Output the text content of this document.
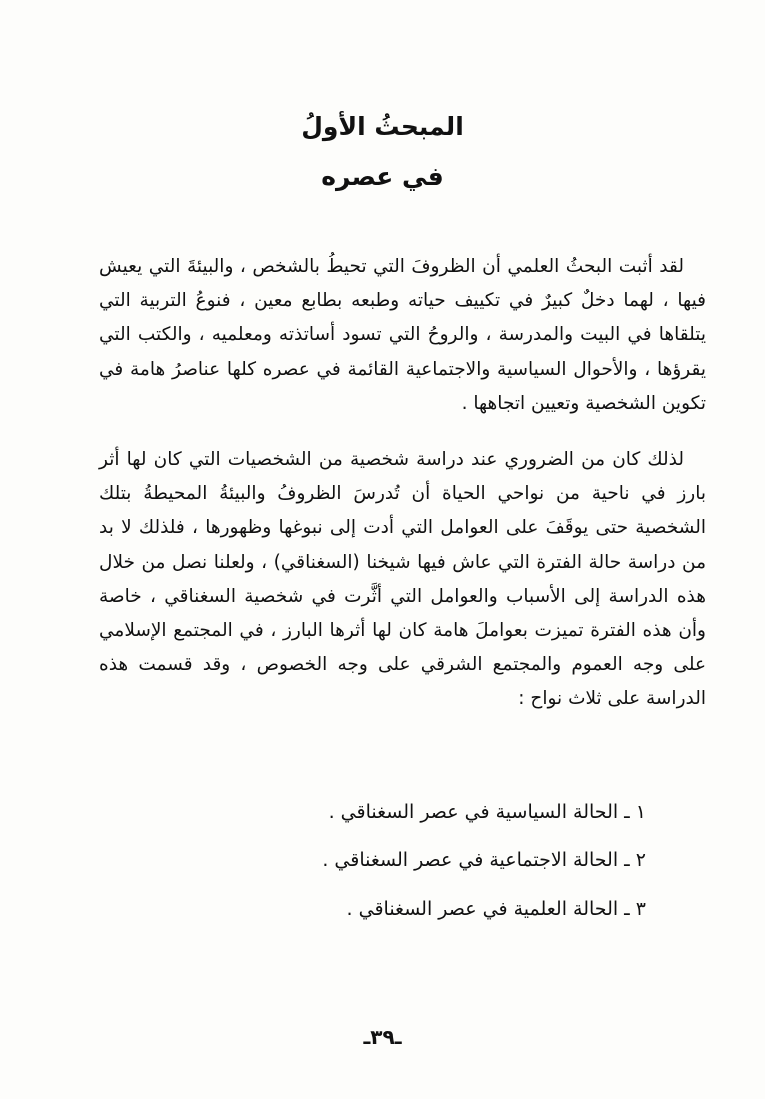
المبحثُ الأولُ
في عصره

لقد أثبت البحثُ العلمي أن الظروفَ التي تحيطُ بالشخص ، والبيئةَ التي يعيش فيها ، لهما دخلٌ كبيرٌ في تكييف حياته وطبعه بطابع معين ، فنوعُ التربية التي يتلقاها في البيت والمدرسة ، والروحُ التي تسود أساتذته ومعلميه ، والكتب التي يقرؤها ، والأحوال السياسية والاجتماعية القائمة في عصره كلها عناصرُ هامة في تكوين الشخصية وتعيين اتجاهها .

لذلك كان من الضروري عند دراسة شخصية من الشخصيات التي كان لها أثر بارز في ناحية من نواحي الحياة أن تُدرسَ الظروفُ والبيئةُ المحيطةُ بتلك الشخصية حتى يوقَفَ على العوامل التي أدت إلى نبوغها وظهورها ، فلذلك لا بد من دراسة حالة الفترة التي عاش فيها شيخنا (السغناقي) ، ولعلنا نصل من خلال هذه الدراسة إلى الأسباب والعوامل التي أثَّرت في شخصية السغناقي ، خاصة وأن هذه الفترة تميزت بعواملَ هامة كان لها أثرها البارز ، في المجتمع الإسلامي على وجه العموم والمجتمع الشرقي على وجه الخصوص ، وقد قسمت هذه الدراسة على ثلاث نواح :

١ ـ الحالة السياسية في عصر السغناقي .
٢ ـ الحالة الاجتماعية في عصر السغناقي .
٣ ـ الحالة العلمية في عصر السغناقي .
ـ٣٩ـ
